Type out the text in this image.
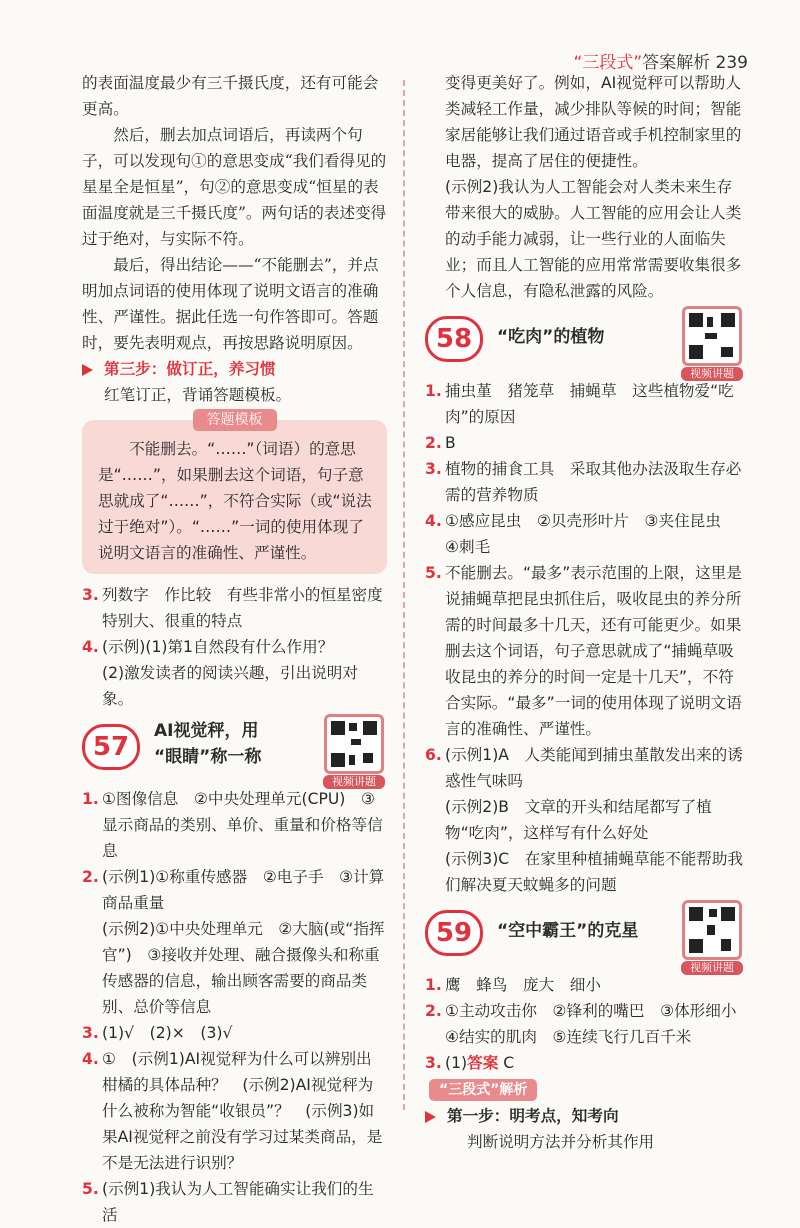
“三段式”答案解析 239

的表面温度最少有三千摄氏度，还有可能会更高。

然后，删去加点词语后，再读两个句子，可以发现句①的意思变成“我们看得见的星星全是恒星”，句②的意思变成“恒星的表面温度就是三千摄氏度”。两句话的表述变得过于绝对，与实际不符。

最后，得出结论——“不能删去”，并点明加点词语的使用体现了说明文语言的准确性、严谨性。据此任选一句作答即可。答题时，要先表明观点，再按思路说明原因。

第三步：做订正，养习惯

红笔订正，背诵答题模板。

答题模板

不能删去。“……”（词语）的意思是“……”，如果删去这个词语，句子意思就成了“……”，不符合实际（或“说法过于绝对”）。“……”一词的使用体现了说明文语言的准确性、严谨性。

3. 列数字　作比较　有些非常小的恒星密度特别大、很重的特点
4. (示例)(1)第1自然段有什么作用？

(2)激发读者的阅读兴趣，引出说明对象。

57
AI视觉秤，用
“眼睛”称一称
视频讲题
1. ①图像信息　②中央处理单元(CPU)　③显示商品的类别、单价、重量和价格等信息
2. (示例1)①称重传感器　②电子手　③计算商品重量

(示例2)①中央处理单元　②大脑(或“指挥官”)　③接收并处理、融合摄像头和称重传感器的信息，输出顾客需要的商品类别、总价等信息

3. (1)√　(2)×　(3)√
4. ①　(示例1)AI视觉秤为什么可以辨别出柑橘的具体品种？　(示例2)AI视觉秤为什么被称为智能“收银员”？　(示例3)如果AI视觉秤之前没有学习过某类商品，是不是无法进行识别？
5. (示例1)我认为人工智能确实让我们的生活

变得更美好了。例如，AI视觉秤可以帮助人类减轻工作量，减少排队等候的时间；智能家居能够让我们通过语音或手机控制家里的电器，提高了居住的便捷性。

(示例2)我认为人工智能会对人类未来生存带来很大的威胁。人工智能的应用会让人类的动手能力减弱，让一些行业的人面临失业；而且人工智能的应用常常需要收集很多个人信息，有隐私泄露的风险。

58	“吃肉”的植物
视频讲题
1. 捕虫堇　猪笼草　捕蝇草　这些植物爱“吃肉”的原因
2. B
3. 植物的捕食工具　采取其他办法汲取生存必需的营养物质
4. ①感应昆虫　②贝壳形叶片　③夹住昆虫　④刺毛
5. 不能删去。“最多”表示范围的上限，这里是说捕蝇草把昆虫抓住后，吸收昆虫的养分所需的时间最多十几天，还有可能更少。如果删去这个词语，句子意思就成了“捕蝇草吸收昆虫的养分的时间一定是十几天”，不符合实际。“最多”一词的使用体现了说明文语言的准确性、严谨性。
6. (示例1)A　人类能闻到捕虫堇散发出来的诱惑性气味吗

(示例2)B　文章的开头和结尾都写了植物“吃肉”，这样写有什么好处

(示例3)C　在家里种植捕蝇草能不能帮助我们解决夏天蚊蝇多的问题

59	“空中霸王”的克星
视频讲题
1. 鹰　蜂鸟　庞大　细小
2. ①主动攻击你　②锋利的嘴巴　③体形细小　④结实的肌肉　⑤连续飞行几百千米
3. (1)答案 C
“三段式”解析
第一步：明考点，知考向

判断说明方法并分析其作用
